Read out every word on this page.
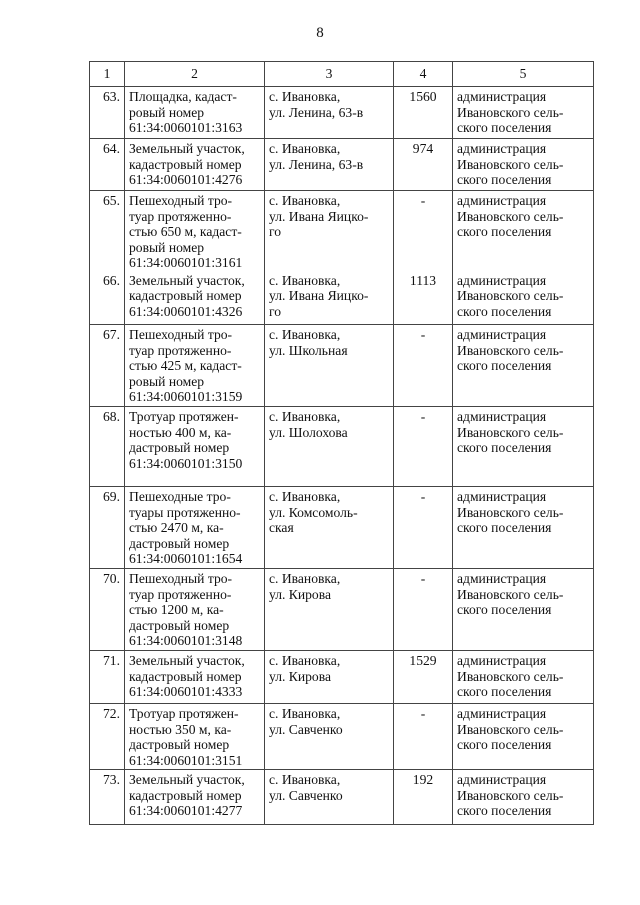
8
1	2	3	4	5
63.	Площадка, кадаст-
ровый номер
61:34:0060101:3163	с. Ивановка,
ул. Ленина, 63-в	1560	администрация
Ивановского сель-
ского поселения
64.	Земельный участок,
кадастровый номер
61:34:0060101:4276	с. Ивановка,
ул. Ленина, 63-в	974	администрация
Ивановского сель-
ского поселения
65.	Пешеходный тро-
туар протяженно-
стью 650 м, кадаст-
ровый номер
61:34:0060101:3161	с. Ивановка,
ул. Ивана Яицко-
го	-	администрация
Ивановского сель-
ского поселения
66.	Земельный участок,
кадастровый номер
61:34:0060101:4326	с. Ивановка,
ул. Ивана Яицко-
го	1113	администрация
Ивановского сель-
ского поселения
67.	Пешеходный тро-
туар протяженно-
стью 425 м, кадаст-
ровый номер
61:34:0060101:3159	с. Ивановка,
ул. Школьная	-	администрация
Ивановского сель-
ского поселения
68.	Тротуар протяжен-
ностью 400 м, ка-
дастровый номер
61:34:0060101:3150	с. Ивановка,
ул. Шолохова	-	администрация
Ивановского сель-
ского поселения
69.	Пешеходные тро-
туары протяженно-
стью 2470 м, ка-
дастровый номер
61:34:0060101:1654	с. Ивановка,
ул. Комсомоль-
ская	-	администрация
Ивановского сель-
ского поселения
70.	Пешеходный тро-
туар протяженно-
стью 1200 м, ка-
дастровый номер
61:34:0060101:3148	с. Ивановка,
ул. Кирова	-	администрация
Ивановского сель-
ского поселения
71.	Земельный участок,
кадастровый номер
61:34:0060101:4333	с. Ивановка,
ул. Кирова	1529	администрация
Ивановского сель-
ского поселения
72.	Тротуар протяжен-
ностью 350 м, ка-
дастровый номер
61:34:0060101:3151	с. Ивановка,
ул. Савченко	-	администрация
Ивановского сель-
ского поселения
73.	Земельный участок,
кадастровый номер
61:34:0060101:4277	с. Ивановка,
ул. Савченко	192	администрация
Ивановского сель-
ского поселения
